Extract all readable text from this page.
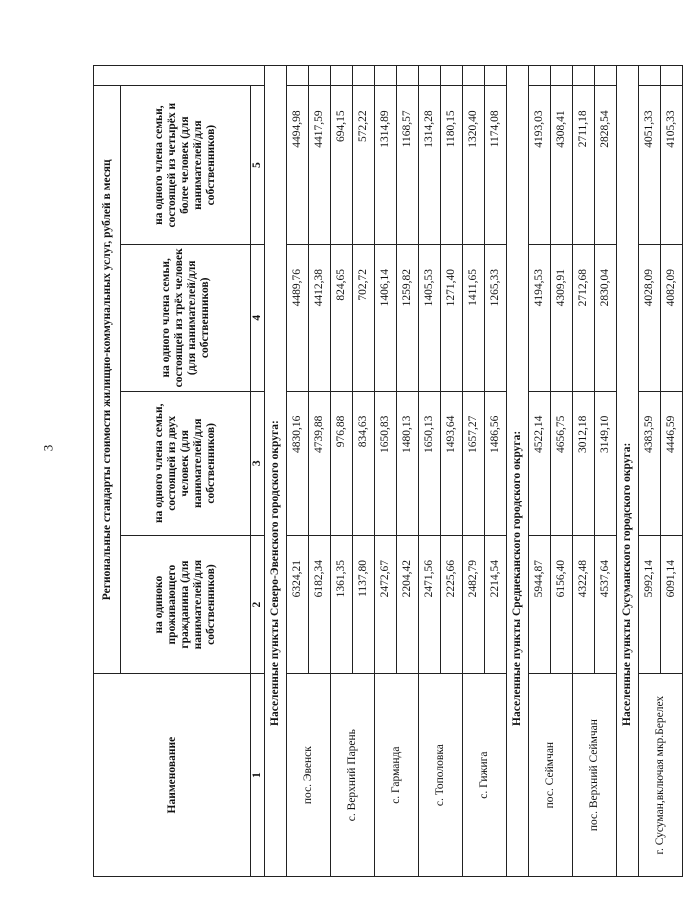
3
Наименование	Региональные стандарты стоимости жилищно-коммунальных услуг, рублей в месяц				
	на одиноко проживающего гражданина (для нанимателей/для собственников)	на одного члена семьи, состоящей из двух человек (для нанимателей/для собственников)	на одного члена семьи, состоящей из трёх человек (для нанимателей/для собственников)	на одного члена семьи, состоящей из четырёх и более человек (для нанимателей/для собственников)	
1	2	3	4	5	
Населенные пункты Северо-Эвенского городского округа:					
пос. Эвенск	6324,21	4830,16	4489,76	4494,98	
	6182,34	4739,88	4412,38	4417,59	
с. Верхний Парень	1361,35	976,88	824,65	694,15	
	1137,80	834,63	702,72	572,22	
с. Гарманда	2472,67	1650,83	1406,14	1314,89	
	2204,42	1480,13	1259,82	1168,57	
с. Тополовка	2471,56	1650,13	1405,53	1314,28	
	2225,66	1493,64	1271,40	1180,15	
с. Гижига	2482,79	1657,27	1411,65	1320,40	
	2214,54	1486,56	1265,33	1174,08	
Населенные пункты Среднеканского городского округа:					
пос. Сеймчан	5944,87	4522,14	4194,53	4193,03	
	6156,40	4656,75	4309,91	4308,41	
пос. Верхний Сеймчан	4322,48	3012,18	2712,68	2711,18	
	4537,64	3149,10	2830,04	2828,54	
Населенные пункты Сусуманского городского округа:					
г. Сусуман,включая мкр.Берелех	5992,14	4383,59	4028,09	4051,33	
	6091,14	4446,59	4082,09	4105,33	
